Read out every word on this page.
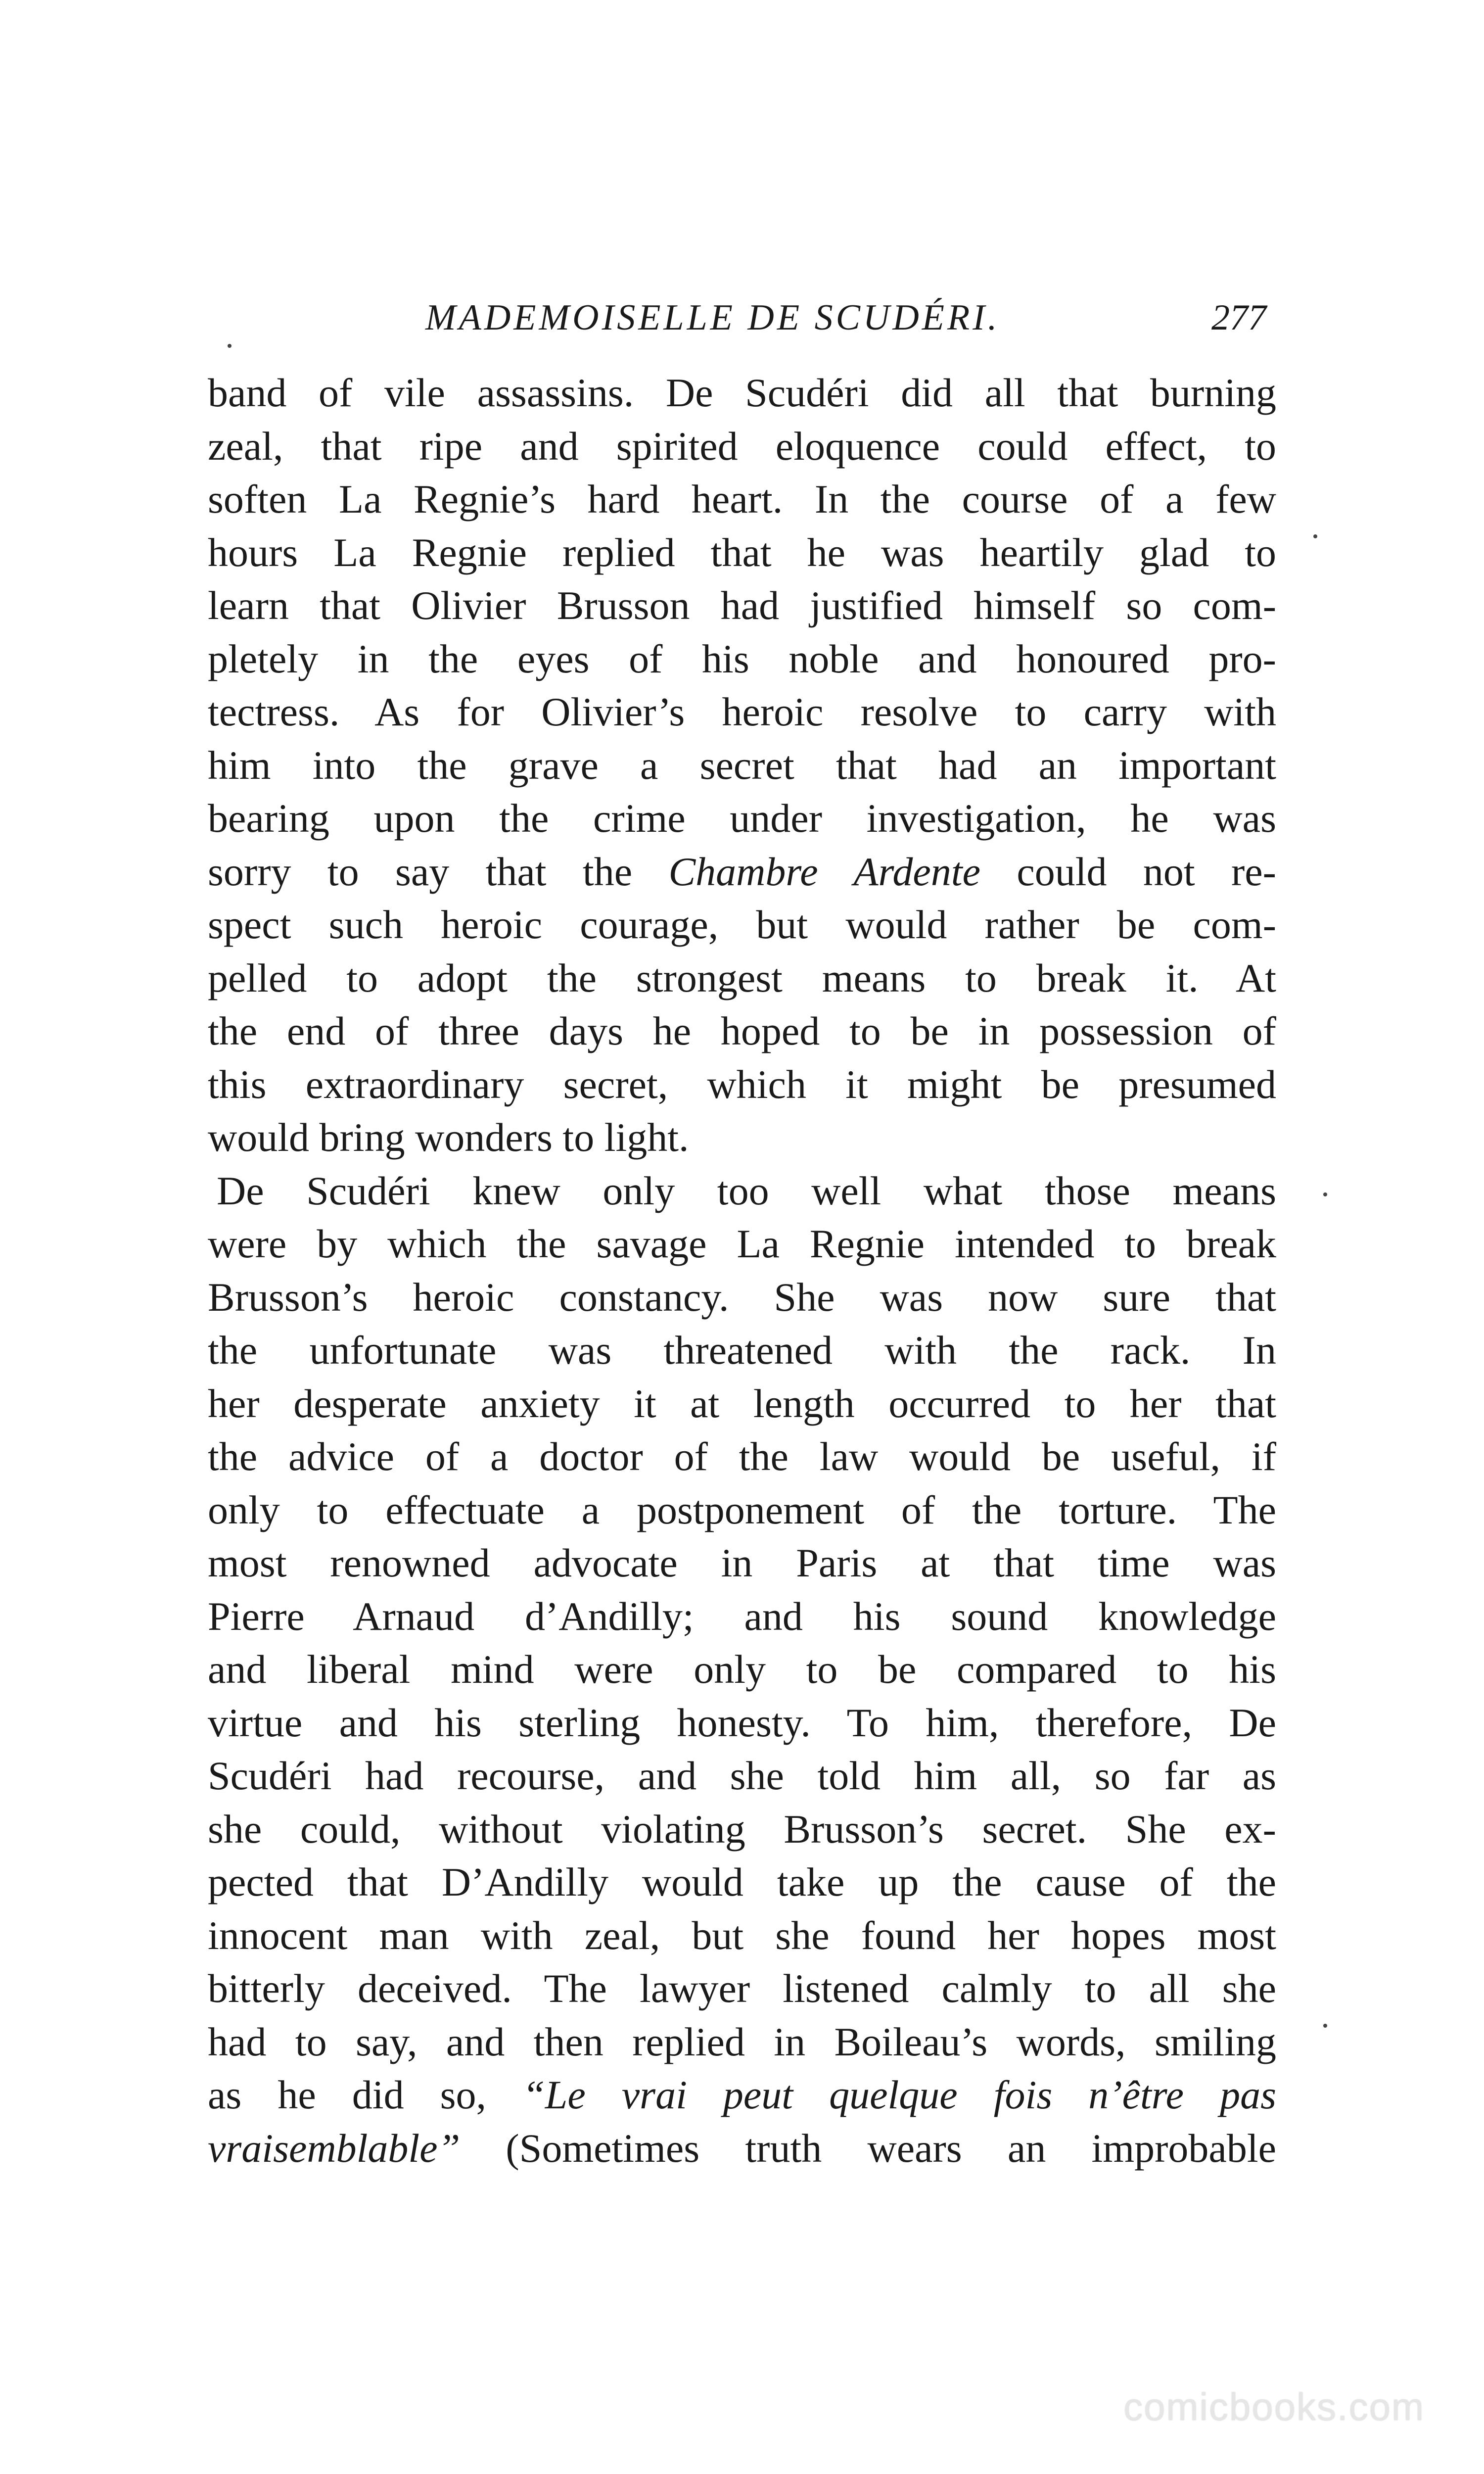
MADEMOISELLE DE SCUDÉRI.	277
band of vile assassins. De Scudéri did all that burning
zeal, that ripe and spirited eloquence could effect, to
soften La Regnie’s hard heart. In the course of a few
hours La Regnie replied that he was heartily glad to
learn that Olivier Brusson had justified himself so com-
pletely in the eyes of his noble and honoured pro-
tectress. As for Olivier’s heroic resolve to carry with
him into the grave a secret that had an important
bearing upon the crime under investigation, he was
sorry to say that the Chambre Ardente could not re-
spect such heroic courage, but would rather be com-
pelled to adopt the strongest means to break it. At
the end of three days he hoped to be in possession of
this extraordinary secret, which it might be presumed
would bring wonders to light.
De Scudéri knew only too well what those means
were by which the savage La Regnie intended to break
Brusson’s heroic constancy. She was now sure that
the unfortunate was threatened with the rack. In
her desperate anxiety it at length occurred to her that
the advice of a doctor of the law would be useful, if
only to effectuate a postponement of the torture. The
most renowned advocate in Paris at that time was
Pierre Arnaud d’Andilly; and his sound knowledge
and liberal mind were only to be compared to his
virtue and his sterling honesty. To him, therefore, De
Scudéri had recourse, and she told him all, so far as
she could, without violating Brusson’s secret. She ex-
pected that D’Andilly would take up the cause of the
innocent man with zeal, but she found her hopes most
bitterly deceived. The lawyer listened calmly to all she
had to say, and then replied in Boileau’s words, smiling
as he did so, “Le vrai peut quelque fois n’être pas
vraisemblable” (Sometimes truth wears an improbable
comicbooks.com
